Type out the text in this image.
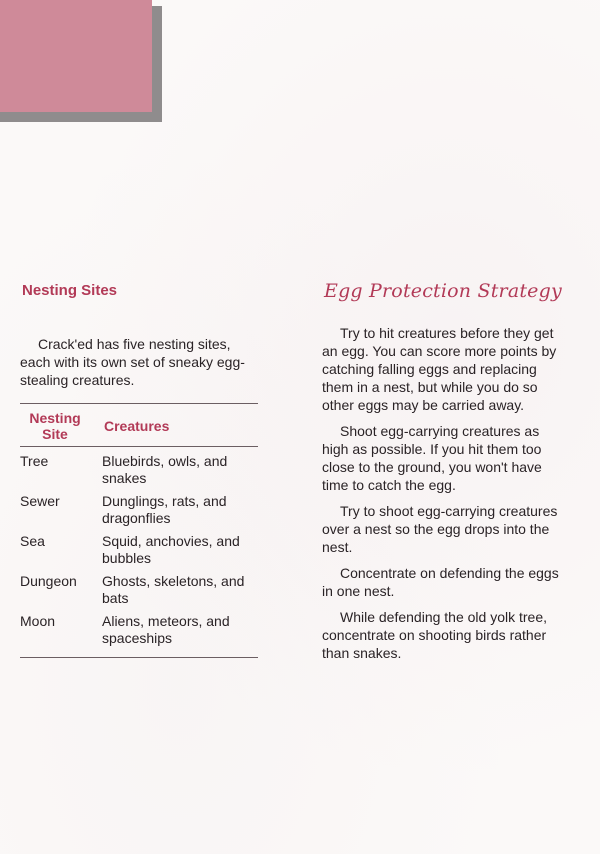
Nesting Sites
Crack'ed has five nesting sites, each with its own set of sneaky egg-stealing creatures.
Nesting Site	Creatures
Tree	Bluebirds, owls, and snakes
Sewer	Dunglings, rats, and dragonflies
Sea	Squid, anchovies, and bubbles
Dungeon	Ghosts, skeletons, and bats
Moon	Aliens, meteors, and spaceships
Egg Protection Strategy

Try to hit creatures before they get an egg. You can score more points by catching falling eggs and replacing them in a nest, but while you do so other eggs may be carried away.

Shoot egg-carrying creatures as high as possible. If you hit them too close to the ground, you won't have time to catch the egg.

Try to shoot egg-carrying creatures over a nest so the egg drops into the nest.

Concentrate on defending the eggs in one nest.

While defending the old yolk tree, concentrate on shooting birds rather than snakes.
